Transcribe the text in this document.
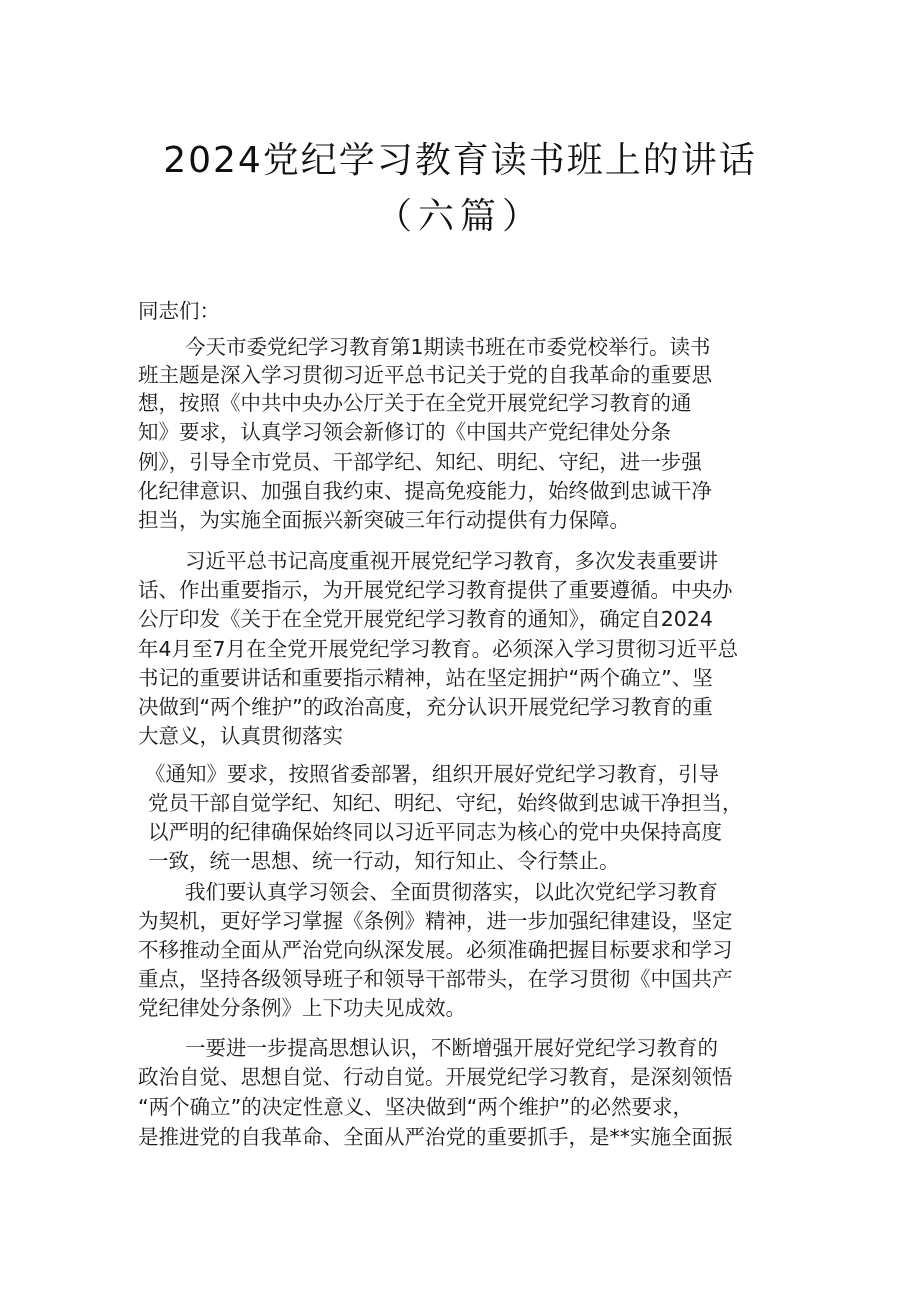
2024党纪学习教育读书班上的讲话
（六篇）
同志们：
今天市委党纪学习教育第1期读书班在市委党校举行。读书
班主题是深入学习贯彻习近平总书记关于党的自我革命的重要思
想，按照《中共中央办公厅关于在全党开展党纪学习教育的通
知》要求，认真学习领会新修订的《中国共产党纪律处分条
例》，引导全市党员、干部学纪、知纪、明纪、守纪，进一步强
化纪律意识、加强自我约束、提高免疫能力，始终做到忠诚干净
担当，为实施全面振兴新突破三年行动提供有力保障。
习近平总书记高度重视开展党纪学习教育，多次发表重要讲
话、作出重要指示，为开展党纪学习教育提供了重要遵循。中央办
公厅印发《关于在全党开展党纪学习教育的通知》，确定自2024
年4月至7月在全党开展党纪学习教育。必须深入学习贯彻习近平总
书记的重要讲话和重要指示精神，站在坚定拥护“两个确立”、坚
决做到“两个维护”的政治高度，充分认识开展党纪学习教育的重
大意义，认真贯彻落实
《通知》要求，按照省委部署，组织开展好党纪学习教育，引导
党员干部自觉学纪、知纪、明纪、守纪，始终做到忠诚干净担当，
以严明的纪律确保始终同以习近平同志为核心的党中央保持高度
一致，统一思想、统一行动，知行知止、令行禁止。
我们要认真学习领会、全面贯彻落实，以此次党纪学习教育
为契机，更好学习掌握《条例》精神，进一步加强纪律建设，坚定
不移推动全面从严治党向纵深发展。必须准确把握目标要求和学习
重点，坚持各级领导班子和领导干部带头，在学习贯彻《中国共产
党纪律处分条例》上下功夫见成效。
一要进一步提高思想认识，不断增强开展好党纪学习教育的
政治自觉、思想自觉、行动自觉。开展党纪学习教育，是深刻领悟
“两个确立”的决定性意义、坚决做到“两个维护”的必然要求，
是推进党的自我革命、全面从严治党的重要抓手，是**实施全面振
